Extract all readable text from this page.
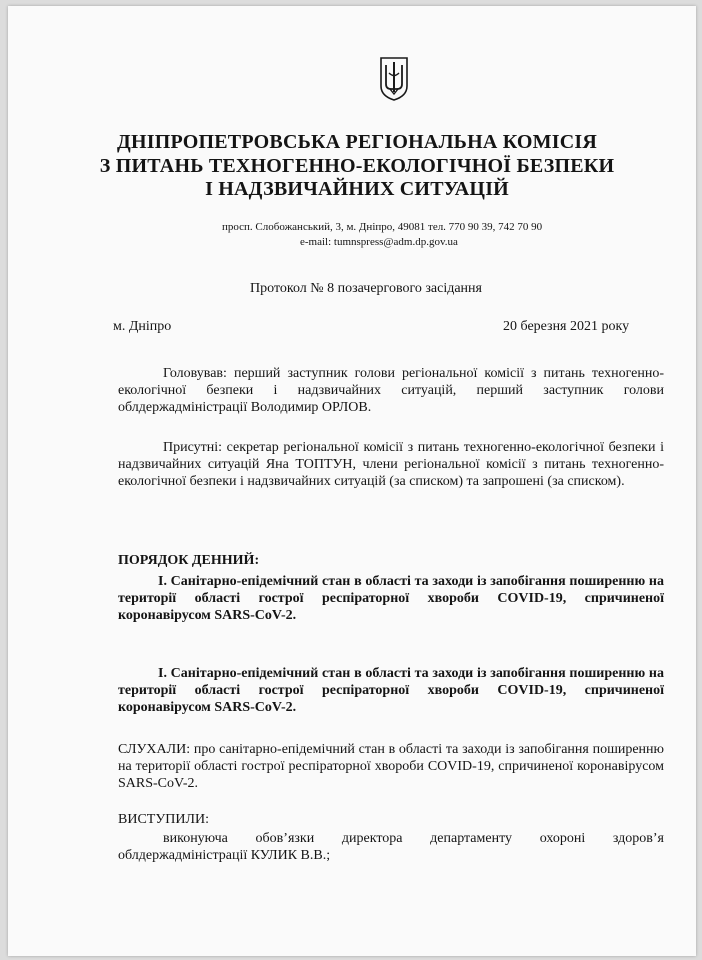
ДНІПРОПЕТРОВСЬКА РЕГІОНАЛЬНА КОМІСІЯ
З ПИТАНЬ ТЕХНОГЕННО-ЕКОЛОГІЧНОЇ БЕЗПЕКИ
І НАДЗВИЧАЙНИХ СИТУАЦІЙ
просп. Слобожанський, 3, м. Дніпро, 49081 тел. 770 90 39, 742 70 90
e-mail: tumnspress@adm.dp.gov.ua
Протокол № 8 позачергового засідання
м. Дніпро	20 березня 2021 року
Головував: перший заступник голови регіональної комісії з питань техногенно-екологічної безпеки і надзвичайних ситуацій, перший заступник голови облдержадміністрації Володимир ОРЛОВ.
Присутні: секретар регіональної комісії з питань техногенно-екологічної безпеки і надзвичайних ситуацій Яна ТОПТУН, члени регіональної комісії з питань техногенно-екологічної безпеки і надзвичайних ситуацій (за списком) та запрошені (за списком).
ПОРЯДОК ДЕННИЙ:
І. Санітарно-епідемічний стан в області та заходи із запобігання поширенню на території області гострої респіраторної хвороби COVID-19, спричиненої коронавірусом SARS-CoV-2.
І. Санітарно-епідемічний стан в області та заходи із запобігання поширенню на території області гострої респіраторної хвороби COVID-19, спричиненої коронавірусом SARS-CoV-2.
СЛУХАЛИ: про санітарно-епідемічний стан в області та заходи із запобігання поширенню на території області гострої респіраторної хвороби COVID-19, спричиненої коронавірусом SARS-CoV-2.
ВИСТУПИЛИ:
виконуюча обов’язки директора департаменту охороні здоров’я облдержадміністрації КУЛИК В.В.;
